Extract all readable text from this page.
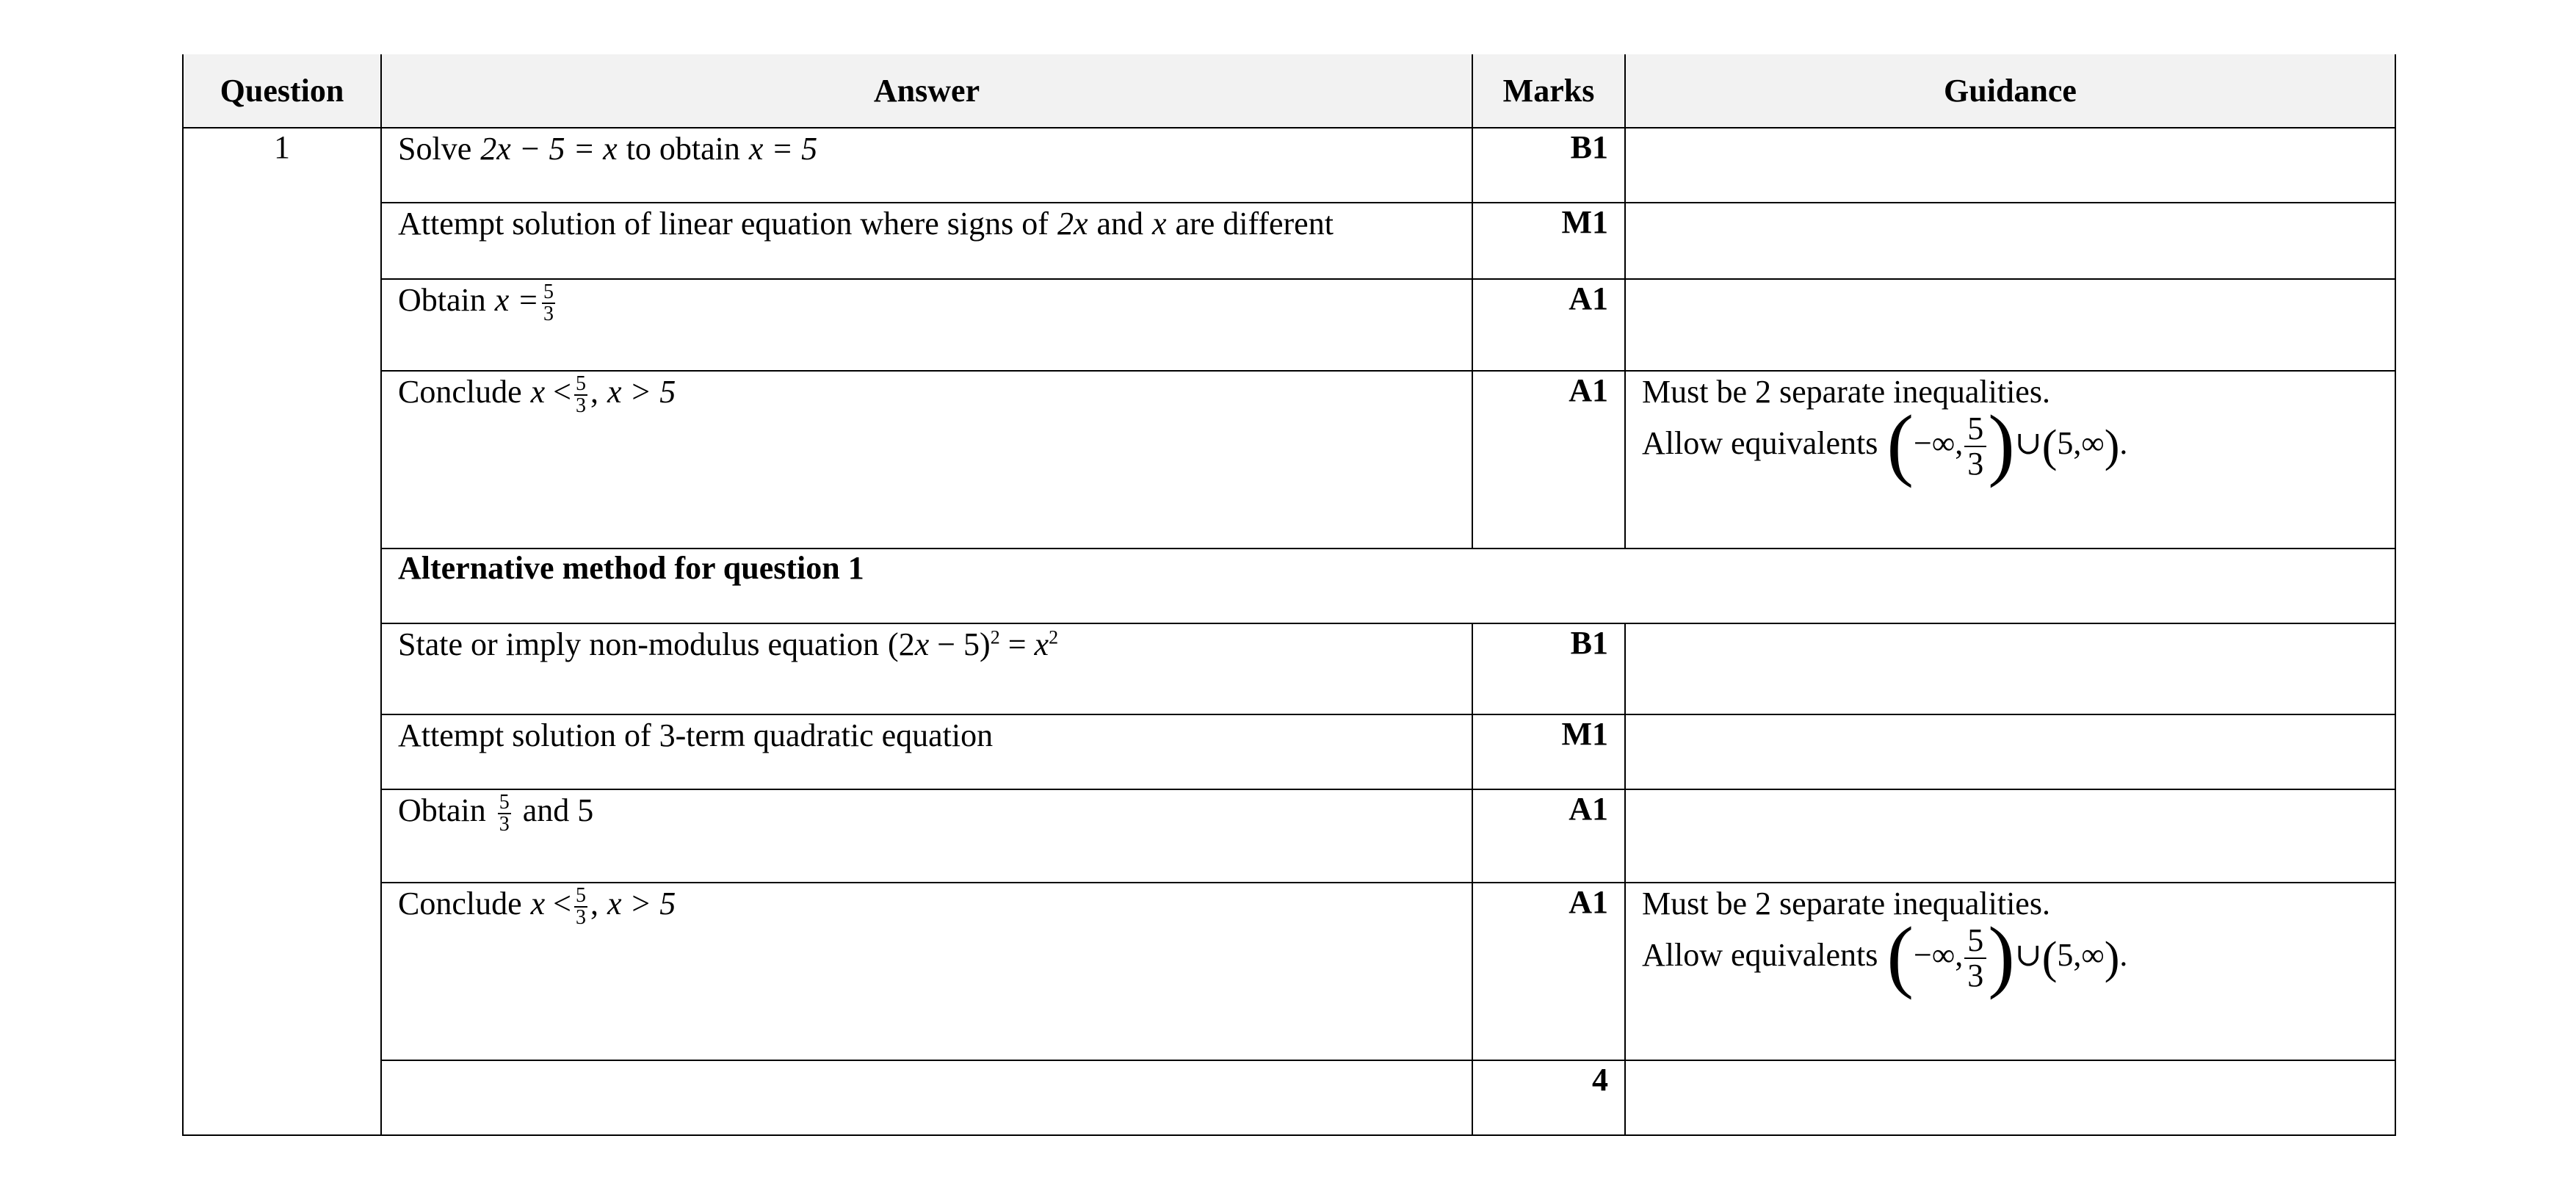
Question	Answer	Marks	Guidance
1	Solve 2x − 5 = x to obtain x = 5	B1	
	Attempt solution of linear equation where signs of 2x and x are different	M1	
	Obtain $x = \frac{5}{3}$	A1	
	Conclude $x < \frac{5}{3}$ , x > 5	A1	Must be 2 separate inequalities.
Allow equivalents (−∞, $\frac{5}{3}$ )∪(5,∞).

	Alternative method for question 1		
	State or imply non-modulus equation $(2x - 5)^2 = x^2$	B1	
	Attempt solution of 3-term quadratic equation	M1	
	Obtain $\frac{5}{3}$ and 5	A1	
	Conclude $x < \frac{5}{3}$ , x > 5	A1	Must be 2 separate inequalities.
Allow equivalents (−∞, $\frac{5}{3}$ )∪(5,∞).

		4	
